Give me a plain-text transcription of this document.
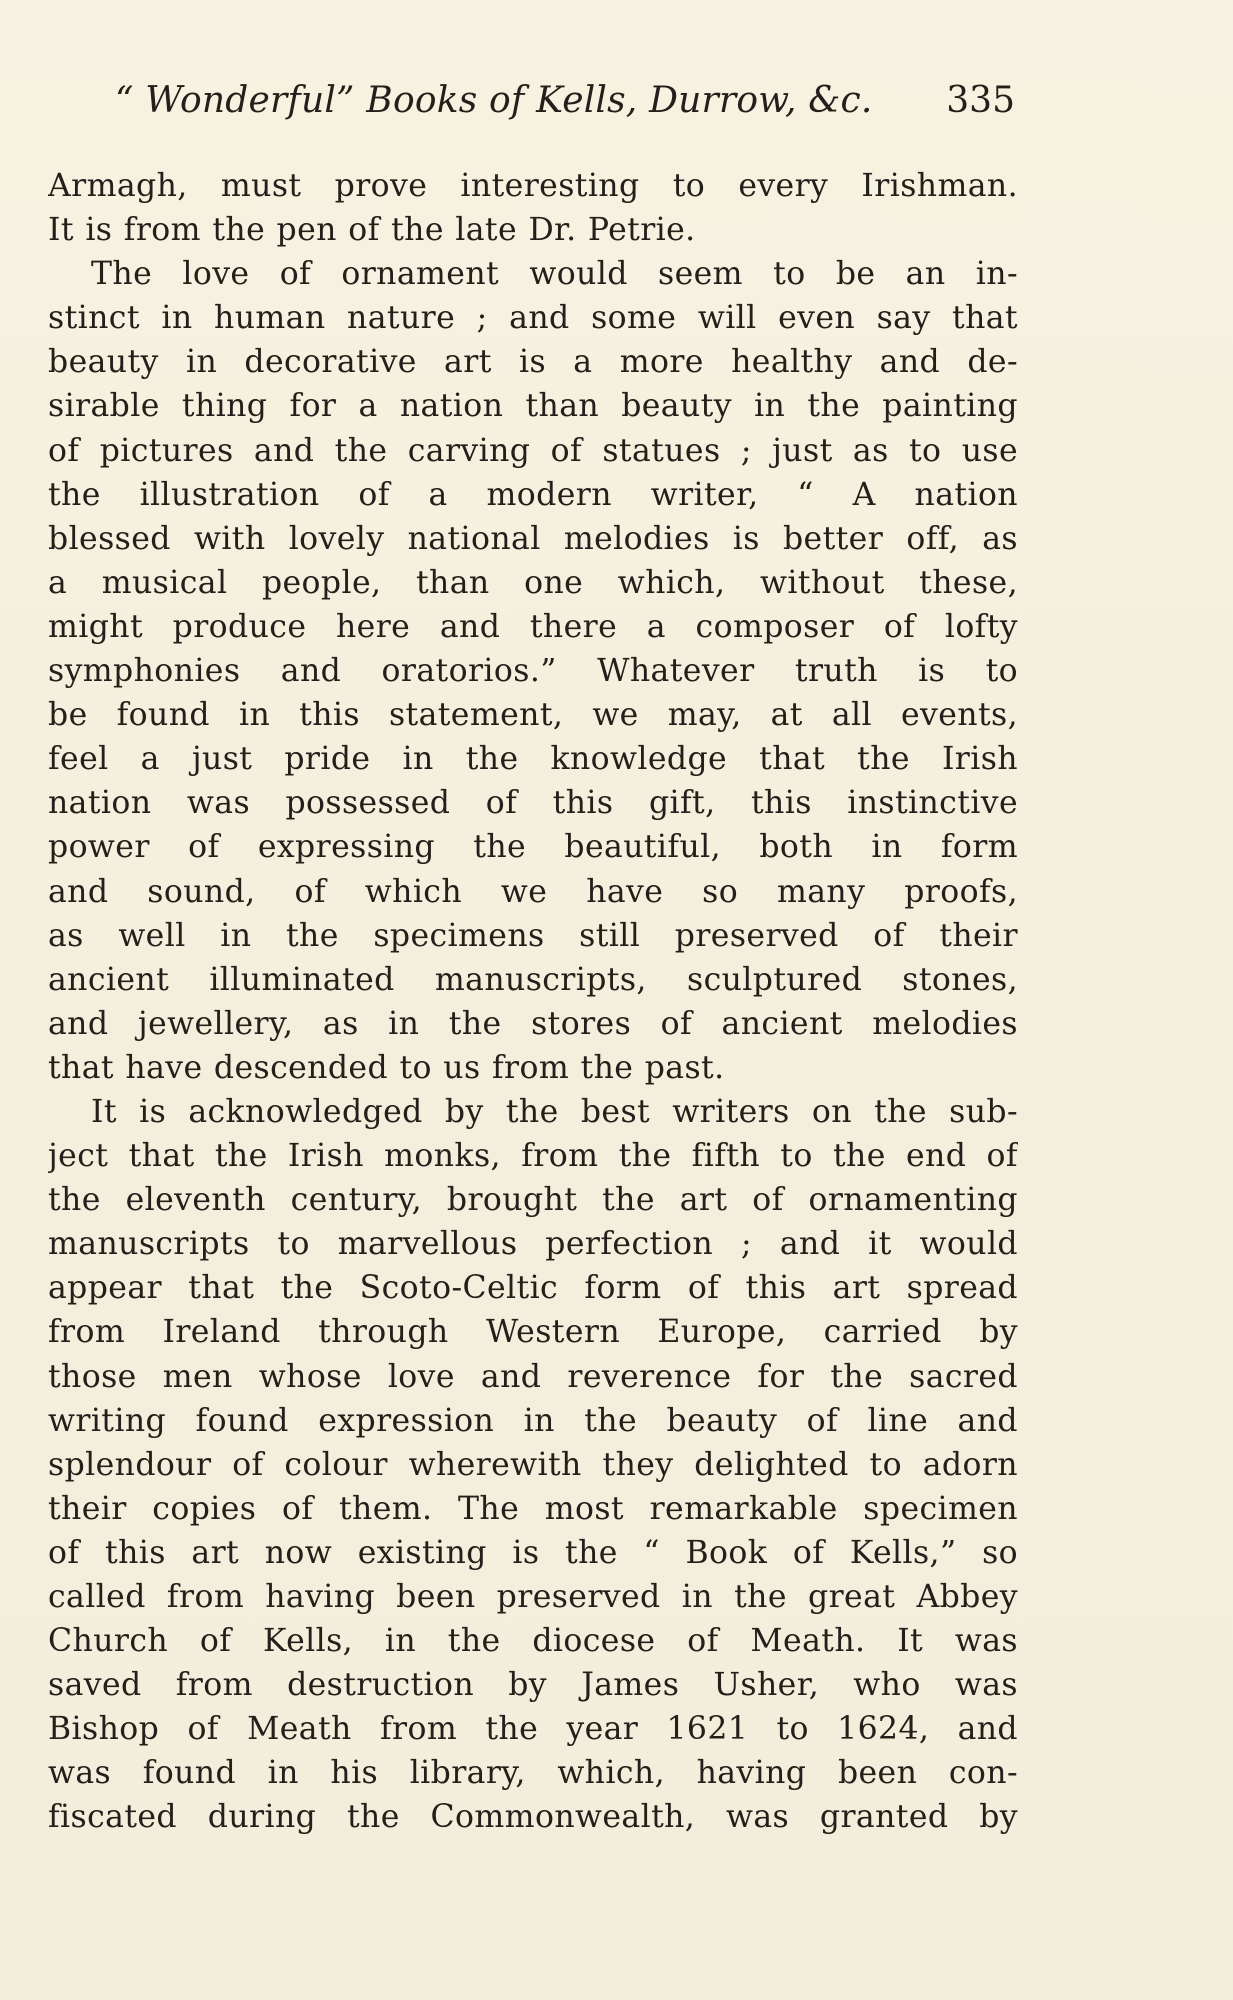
“ Wonderful” Books of Kells, Durrow, &c. 335
Armagh, must prove interesting to every Irishman.
It is from the pen of the late Dr. Petrie.
The love of ornament would seem to be an in-
stinct in human nature ; and some will even say that
beauty in decorative art is a more healthy and de-
sirable thing for a nation than beauty in the painting
of pictures and the carving of statues ; just as to use
the illustration of a modern writer, “ A nation
blessed with lovely national melodies is better off, as
a musical people, than one which, without these,
might produce here and there a composer of lofty
symphonies and oratorios.” Whatever truth is to
be found in this statement, we may, at all events,
feel a just pride in the knowledge that the Irish
nation was possessed of this gift, this instinctive
power of expressing the beautiful, both in form
and sound, of which we have so many proofs,
as well in the specimens still preserved of their
ancient illuminated manuscripts, sculptured stones,
and jewellery, as in the stores of ancient melodies
that have descended to us from the past.
It is acknowledged by the best writers on the sub-
ject that the Irish monks, from the fifth to the end of
the eleventh century, brought the art of ornamenting
manuscripts to marvellous perfection ; and it would
appear that the Scoto-Celtic form of this art spread
from Ireland through Western Europe, carried by
those men whose love and reverence for the sacred
writing found expression in the beauty of line and
splendour of colour wherewith they delighted to adorn
their copies of them. The most remarkable specimen
of this art now existing is the “ Book of Kells,” so
called from having been preserved in the great Abbey
Church of Kells, in the diocese of Meath. It was
saved from destruction by James Usher, who was
Bishop of Meath from the year 1621 to 1624, and
was found in his library, which, having been con-
fiscated during the Commonwealth, was granted by
